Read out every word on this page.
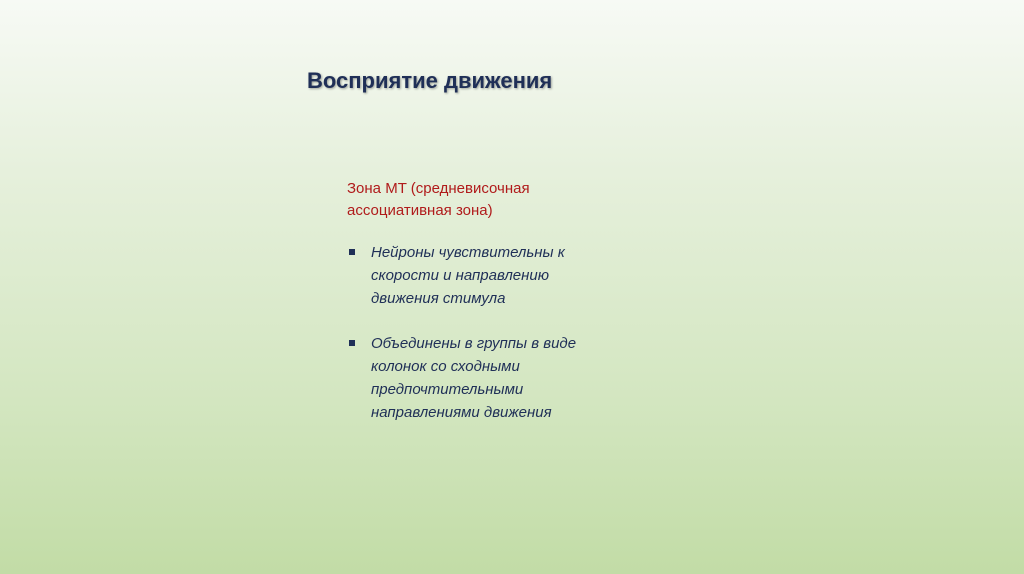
Восприятие движения
Зона MT (средневисочная
ассоциативная зона)
Нейроны чувствительны к
скорости и направлению
движения стимула
Объединены в группы в виде
колонок со сходными
предпочтительными
направлениями движения
